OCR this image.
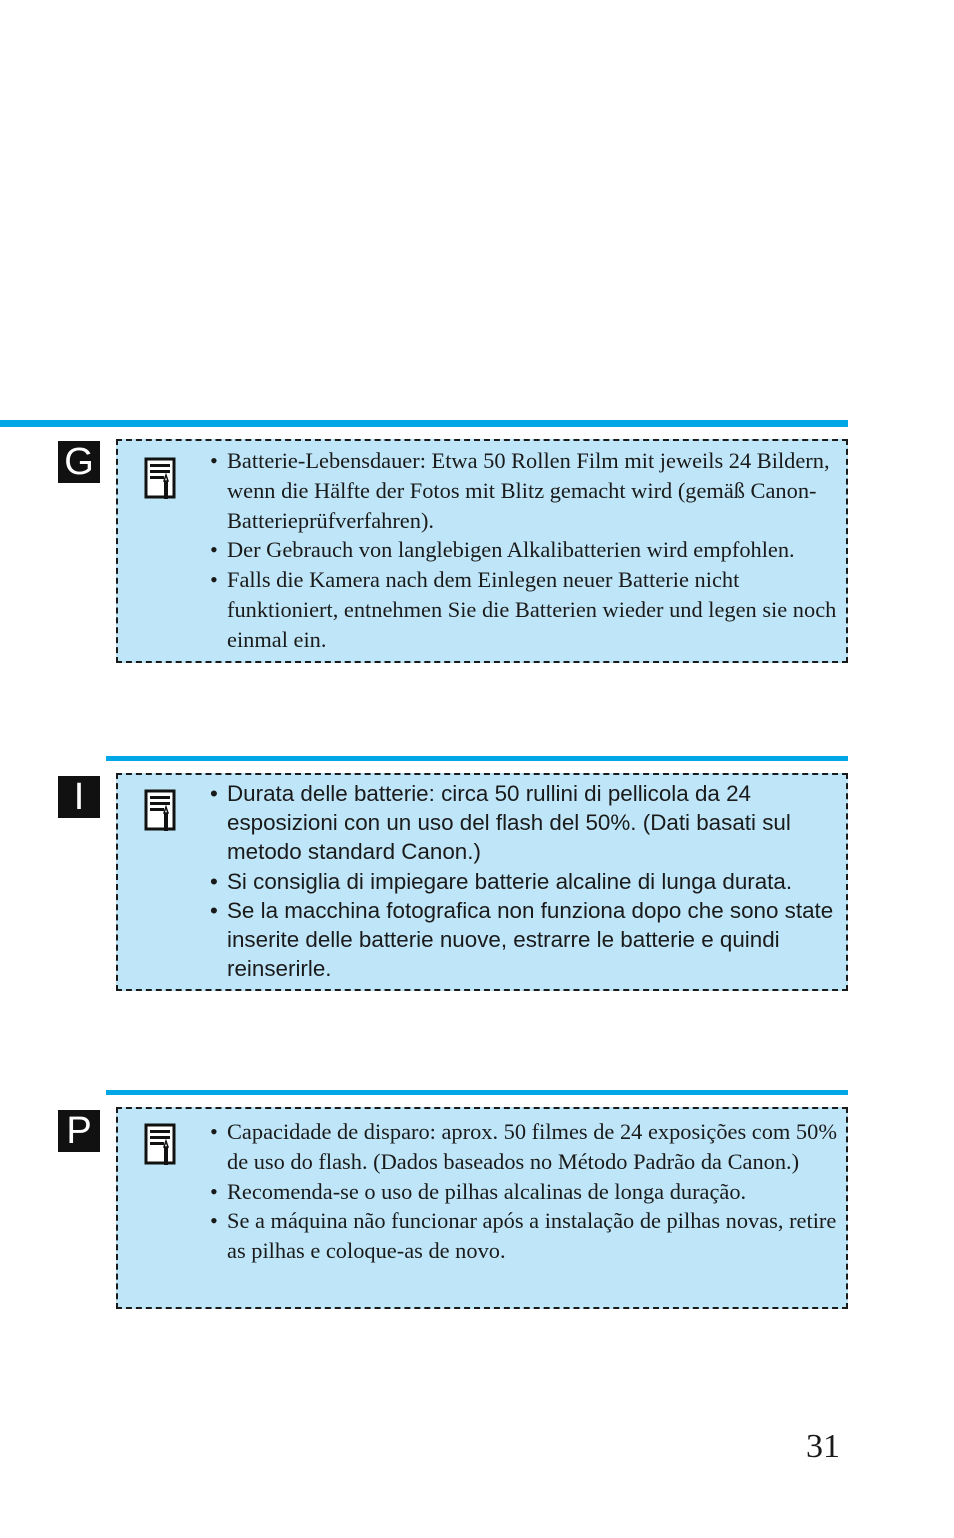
G	• Batterie-Lebensdauer: Etwa 50 Rollen Film mit jeweils 24 Bildern, wenn die Hälfte der Fotos mit Blitz gemacht wird (gemäß Canon-Batterieprüfverfahren).
• Der Gebrauch von langlebigen Alkalibatterien wird empfohlen.
• Falls die Kamera nach dem Einlegen neuer Batterie nicht funktioniert, entnehmen Sie die Batterien wieder und legen sie noch einmal ein.
I	• Durata delle batterie: circa 50 rullini di pellicola da 24 esposizioni con un uso del flash del 50%. (Dati basati sul metodo standard Canon.)
• Si consiglia di impiegare batterie alcaline di lunga durata.
• Se la macchina fotografica non funziona dopo che sono state inserite delle batterie nuove, estrarre le batterie e quindi reinserirle.
P	• Capacidade de disparo: aprox. 50 filmes de 24 exposições com 50% de uso do flash. (Dados baseados no Método Padrão da Canon.)
• Recomenda-se o uso de pilhas alcalinas de longa duração.
• Se a máquina não funcionar após a instalação de pilhas novas, retire as pilhas e coloque-as de novo.
31
